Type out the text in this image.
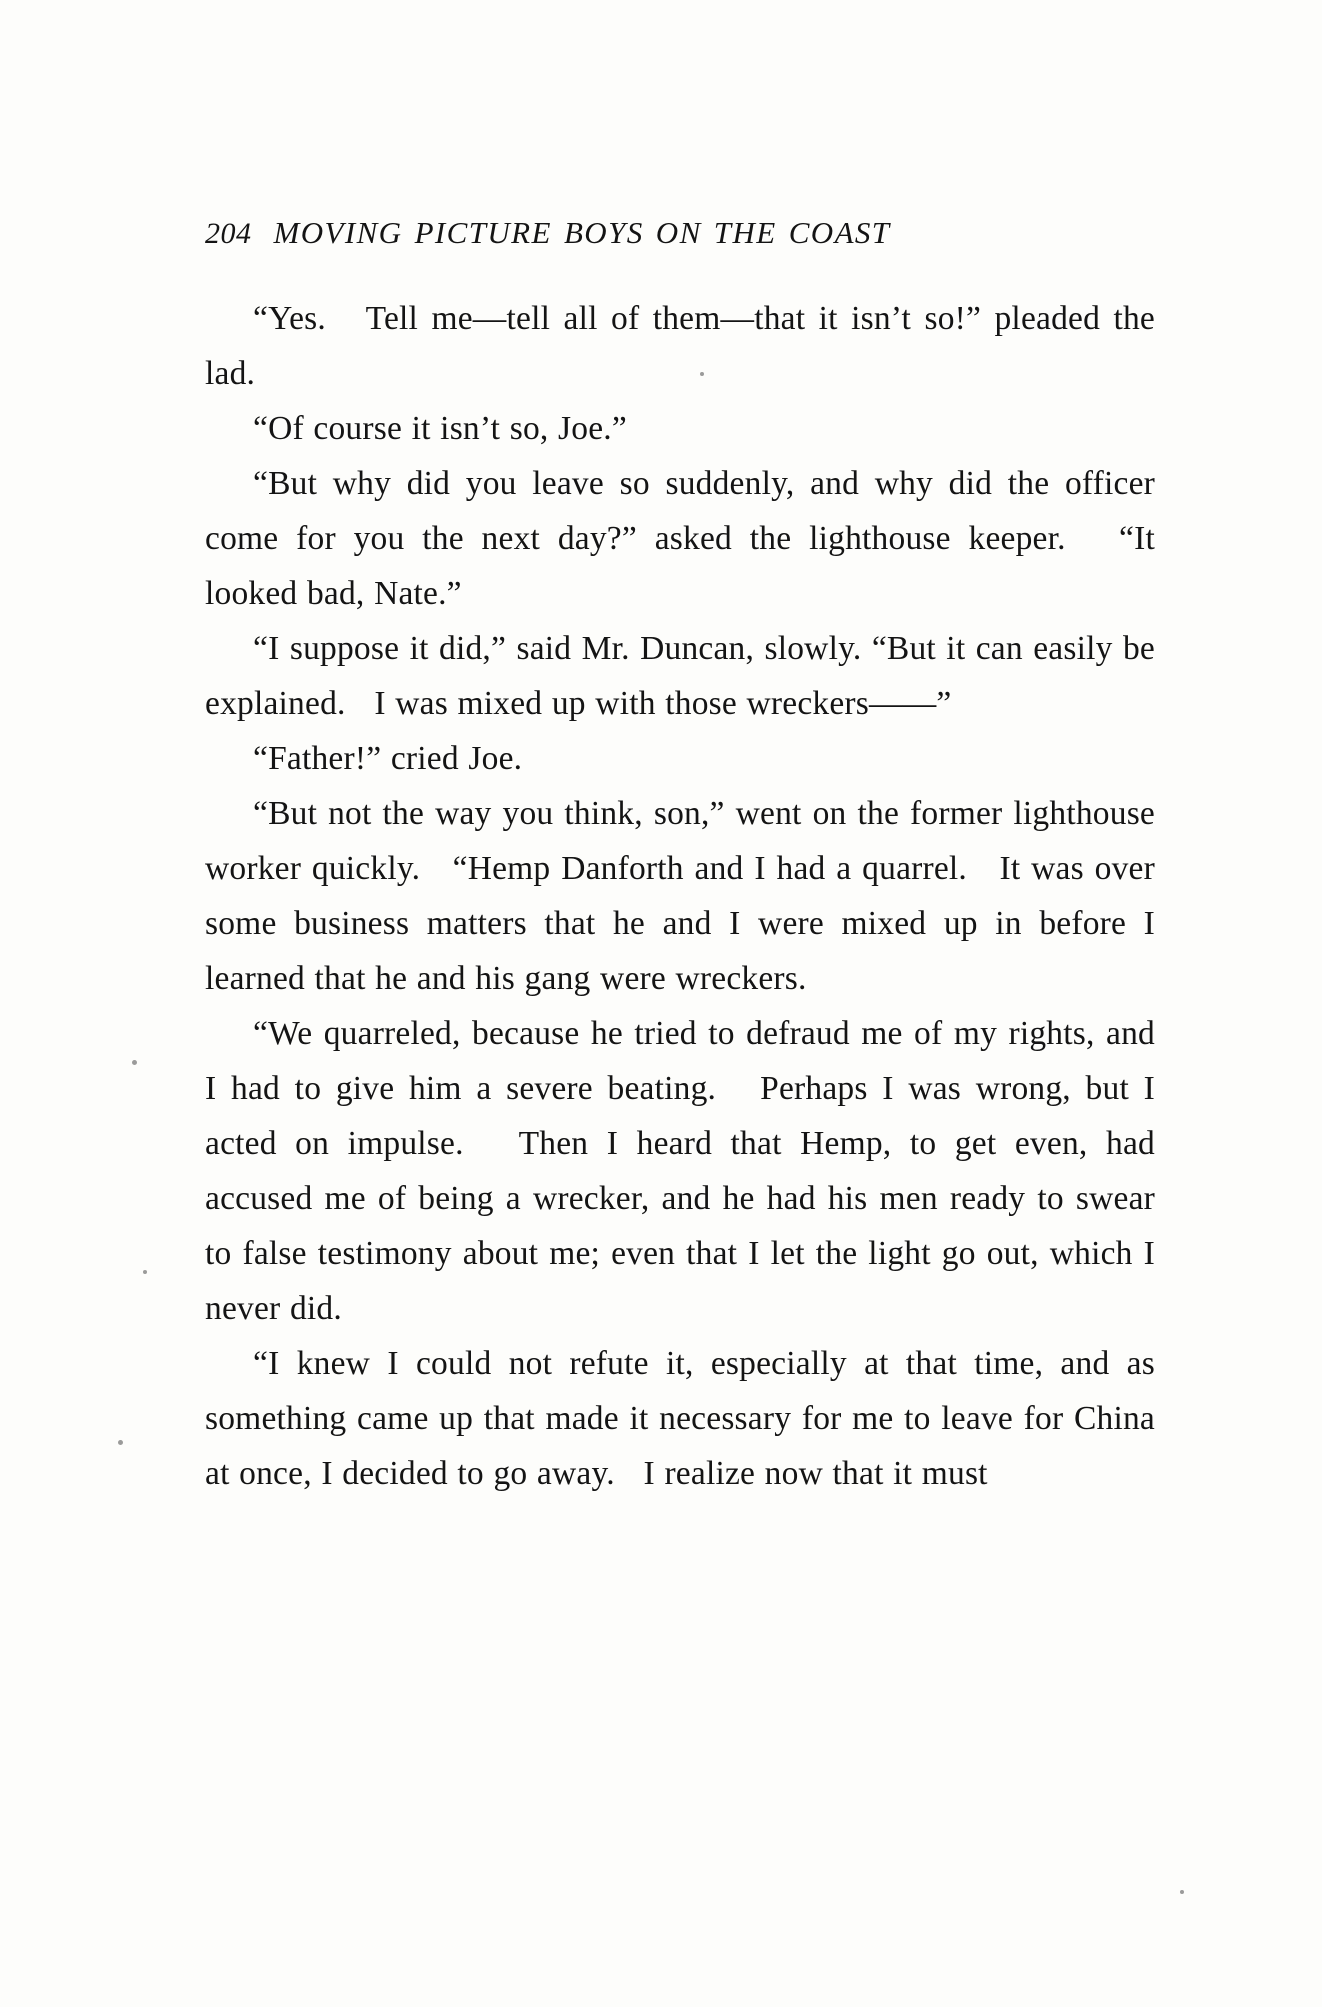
204 MOVING PICTURE BOYS ON THE COAST

“Yes.   Tell me—tell all of them—that it isn’t so!” pleaded the lad.

“Of course it isn’t so, Joe.”

“But why did you leave so suddenly, and why did the officer come for you the next day?” asked the lighthouse keeper.   “It looked bad, Nate.”

“I suppose it did,” said Mr. Duncan, slowly. “But it can easily be explained.   I was mixed up with those wreckers——”

“Father!” cried Joe.

“But not the way you think, son,” went on the former lighthouse worker quickly.   “Hemp Danforth and I had a quarrel.   It was over some business matters that he and I were mixed up in before I learned that he and his gang were wreckers.

“We quarreled, because he tried to defraud me of my rights, and I had to give him a severe beating.   Perhaps I was wrong, but I acted on impulse.   Then I heard that Hemp, to get even, had accused me of being a wrecker, and he had his men ready to swear to false testimony about me; even that I let the light go out, which I never did.

“I knew I could not refute it, especially at that time, and as something came up that made it necessary for me to leave for China at once, I decided to go away.   I realize now that it must
